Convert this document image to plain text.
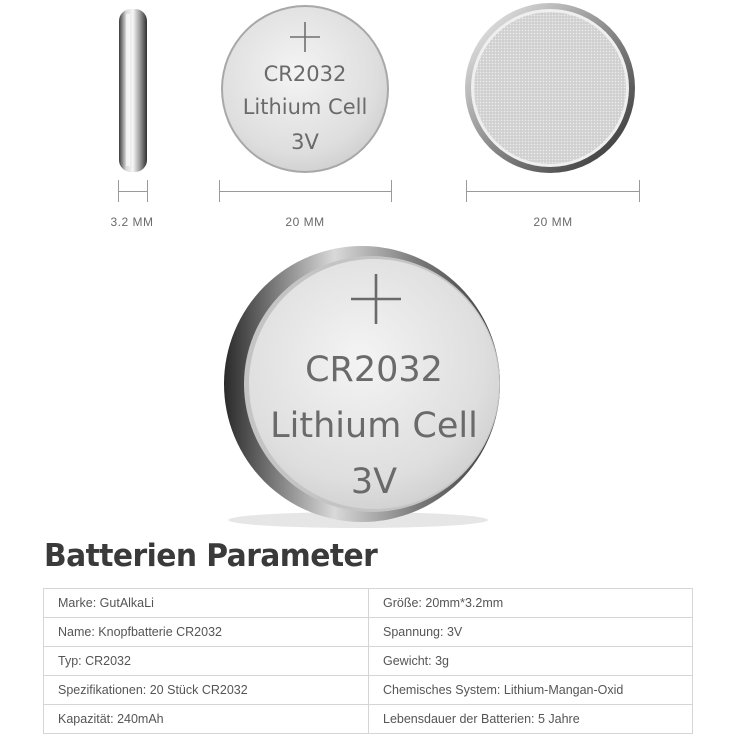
CR2032
Lithium Cell
3V
CR2032
Lithium Cell
3V
3.2 MM	20 MM	20 MM
Batterien Parameter
Marke: GutAlkaLi	Größe: 20mm*3.2mm
Name: Knopfbatterie CR2032	Spannung: 3V
Typ: CR2032	Gewicht: 3g
Spezifikationen: 20 Stück CR2032	Chemisches System: Lithium-Mangan-Oxid
Kapazität: 240mAh	Lebensdauer der Batterien: 5 Jahre
